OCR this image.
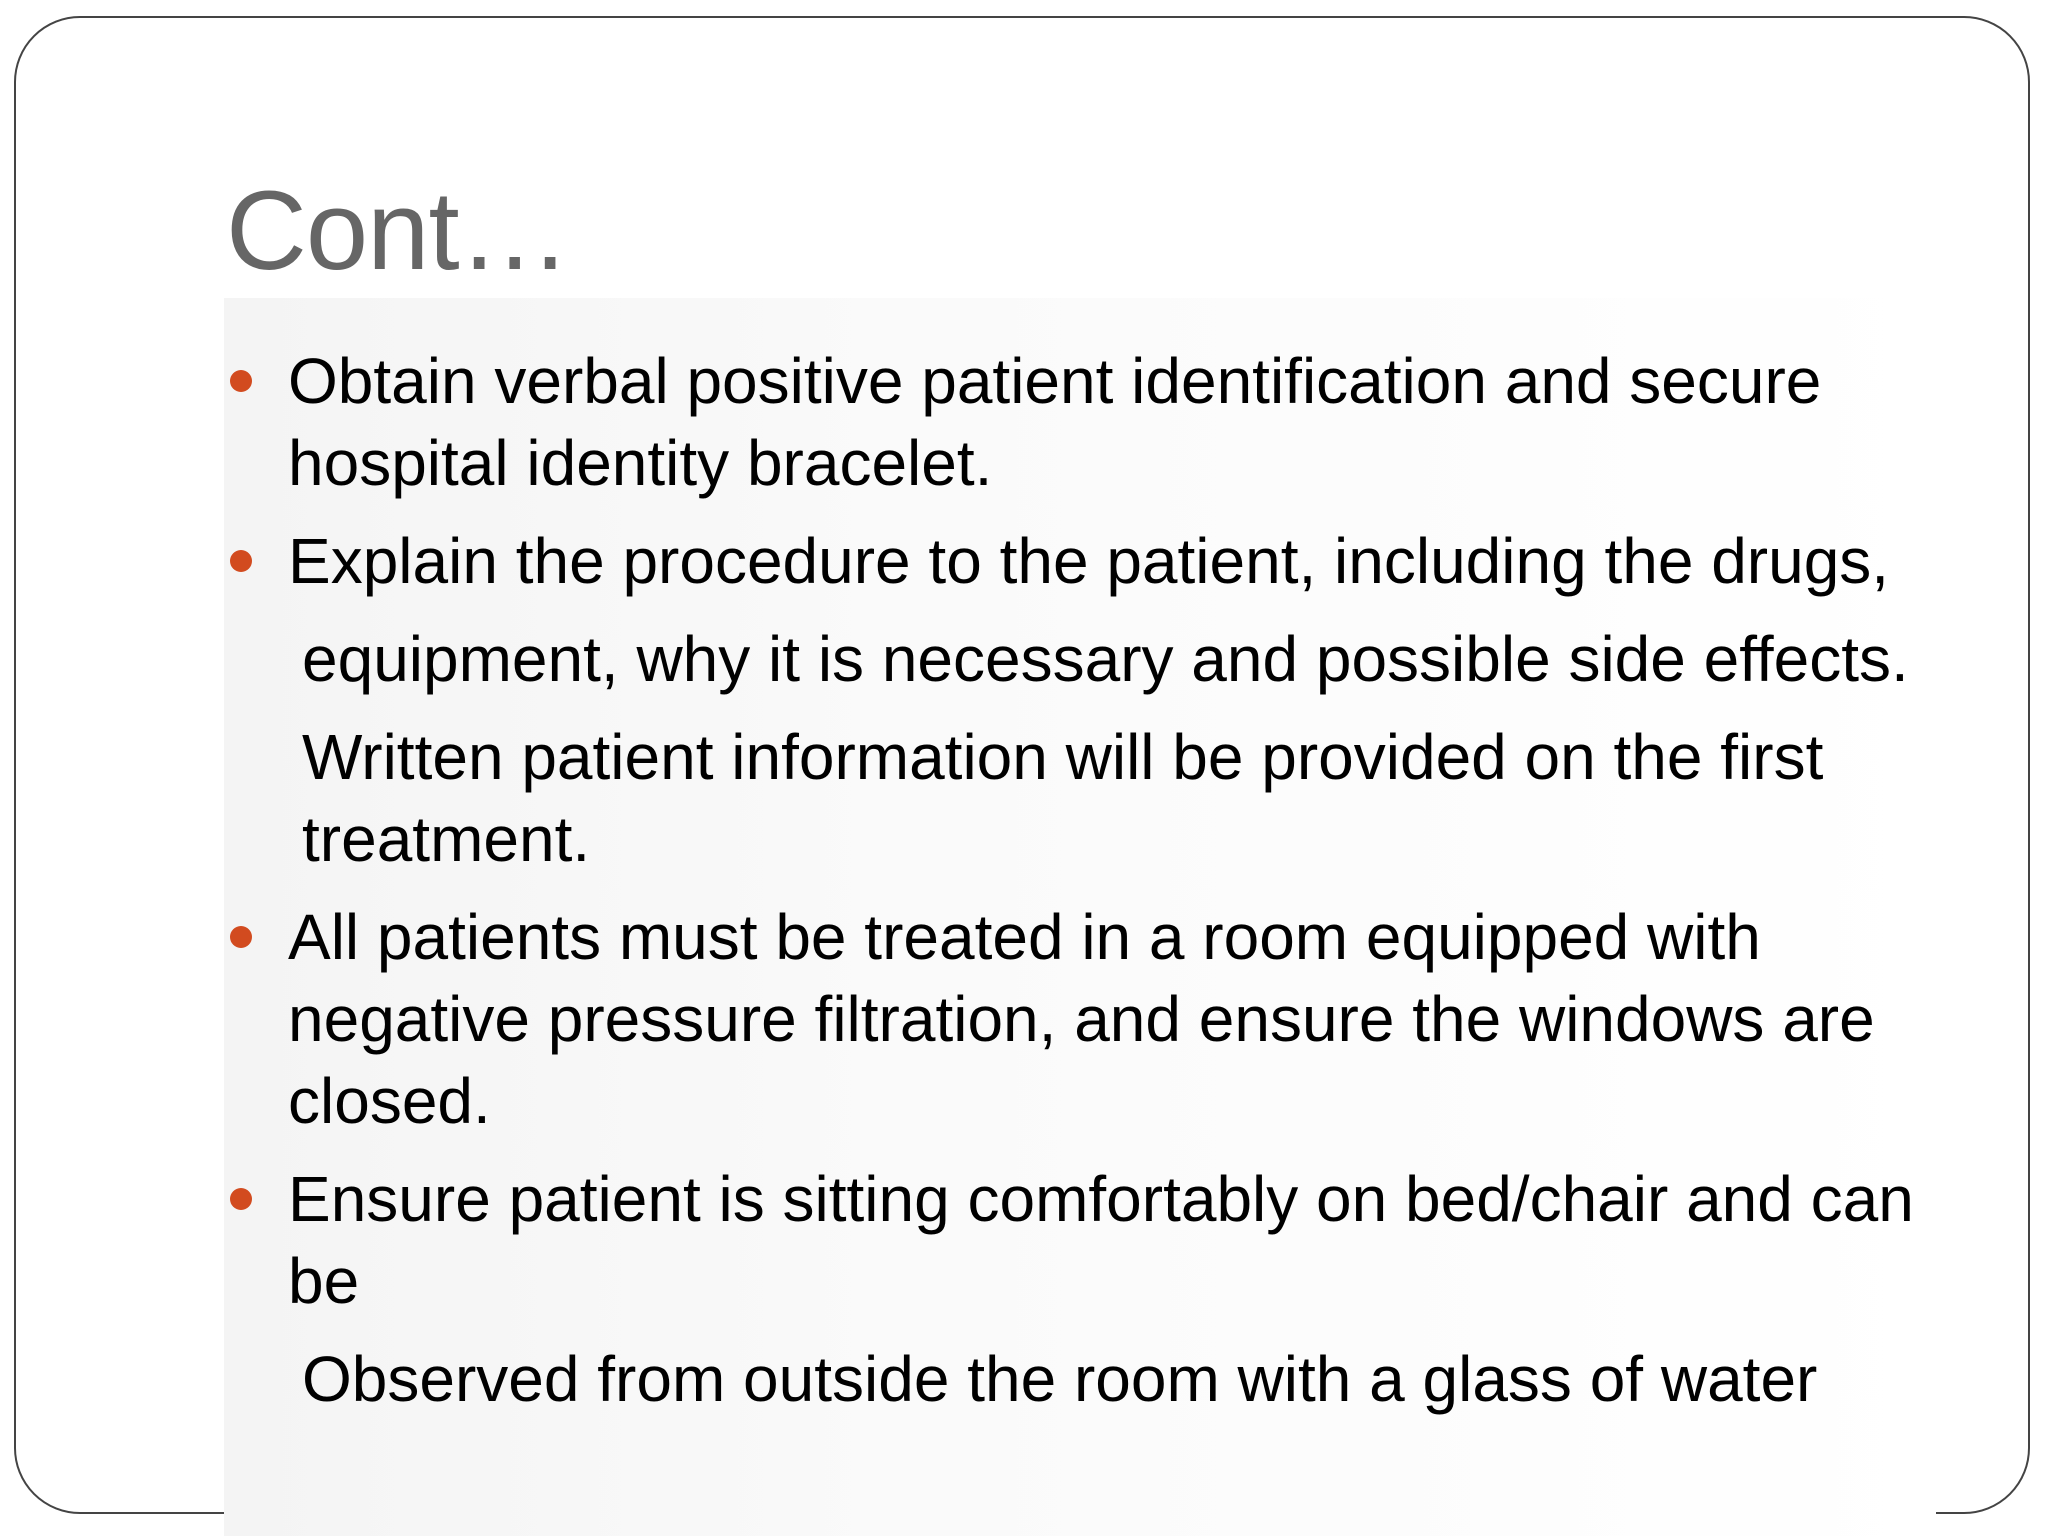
Cont…

Obtain verbal positive patient identification and secure hospital identity bracelet.

Explain the procedure to the patient, including the drugs,

equipment, why it is necessary and possible side effects.

Written patient information will be provided on the first treatment.

All patients must be treated in a room equipped with negative pressure filtration, and ensure the windows are closed.

Ensure patient is sitting comfortably on bed/chair and can be

Observed from outside the room with a glass of water
